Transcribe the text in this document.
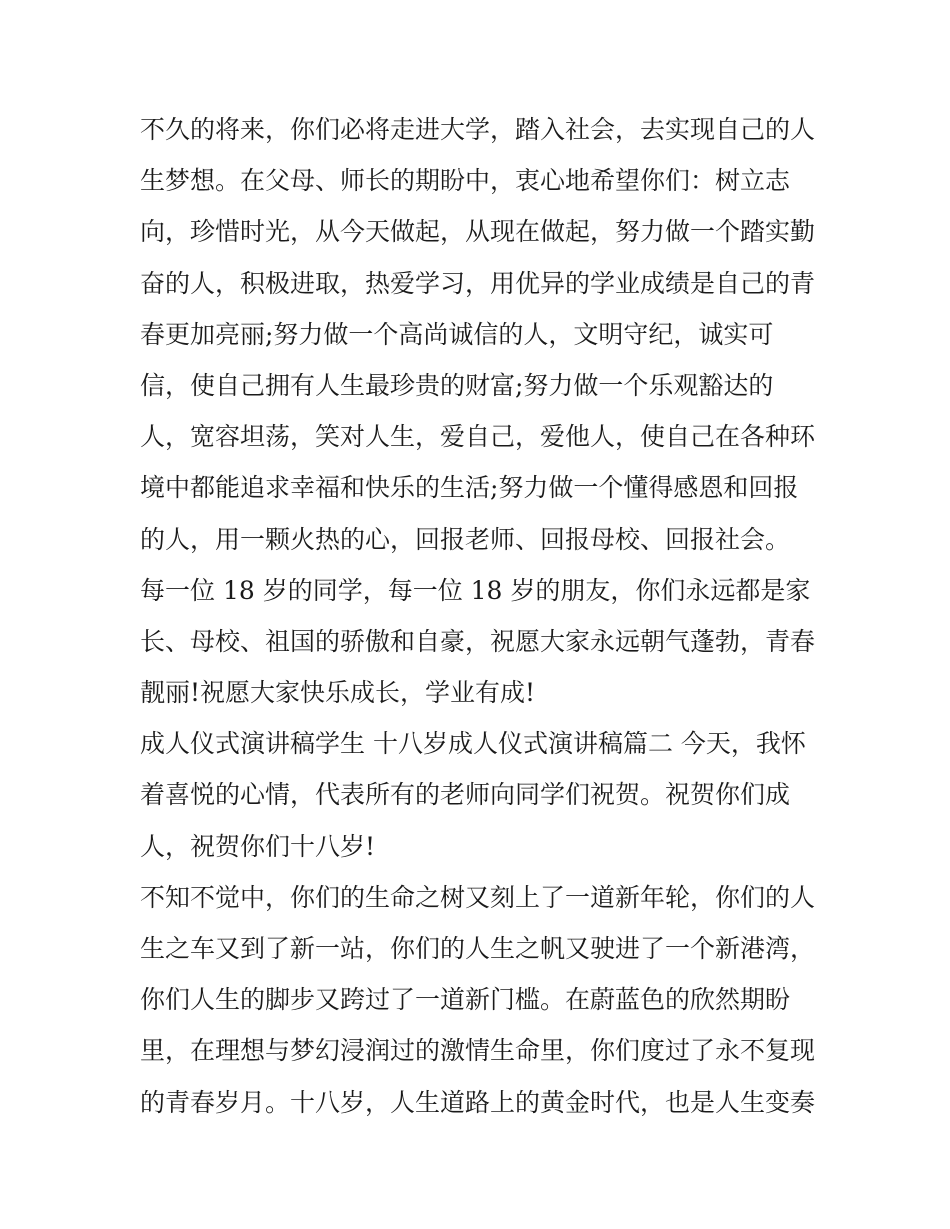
不久的将来，你们必将走进大学，踏入社会，去实现自己的人
生梦想。在父母、师长的期盼中，衷心地希望你们：树立志
向，珍惜时光，从今天做起，从现在做起，努力做一个踏实勤
奋的人，积极进取，热爱学习，用优异的学业成绩是自己的青
春更加亮丽;努力做一个高尚诚信的人，文明守纪，诚实可
信，使自己拥有人生最珍贵的财富;努力做一个乐观豁达的
人，宽容坦荡，笑对人生，爱自己，爱他人，使自己在各种环
境中都能追求幸福和快乐的生活;努力做一个懂得感恩和回报
的人，用一颗火热的心，回报老师、回报母校、回报社会。
每一位 18 岁的同学，每一位 18 岁的朋友，你们永远都是家
长、母校、祖国的骄傲和自豪，祝愿大家永远朝气蓬勃，青春
靓丽!祝愿大家快乐成长，学业有成!
成人仪式演讲稿学生 十八岁成人仪式演讲稿篇二 今天，我怀
着喜悦的心情，代表所有的老师向同学们祝贺。祝贺你们成
人，祝贺你们十八岁!
不知不觉中，你们的生命之树又刻上了一道新年轮，你们的人
生之车又到了新一站，你们的人生之帆又驶进了一个新港湾，
你们人生的脚步又跨过了一道新门槛。在蔚蓝色的欣然期盼
里，在理想与梦幻浸润过的激情生命里，你们度过了永不复现
的青春岁月。十八岁，人生道路上的黄金时代，也是人生变奏
